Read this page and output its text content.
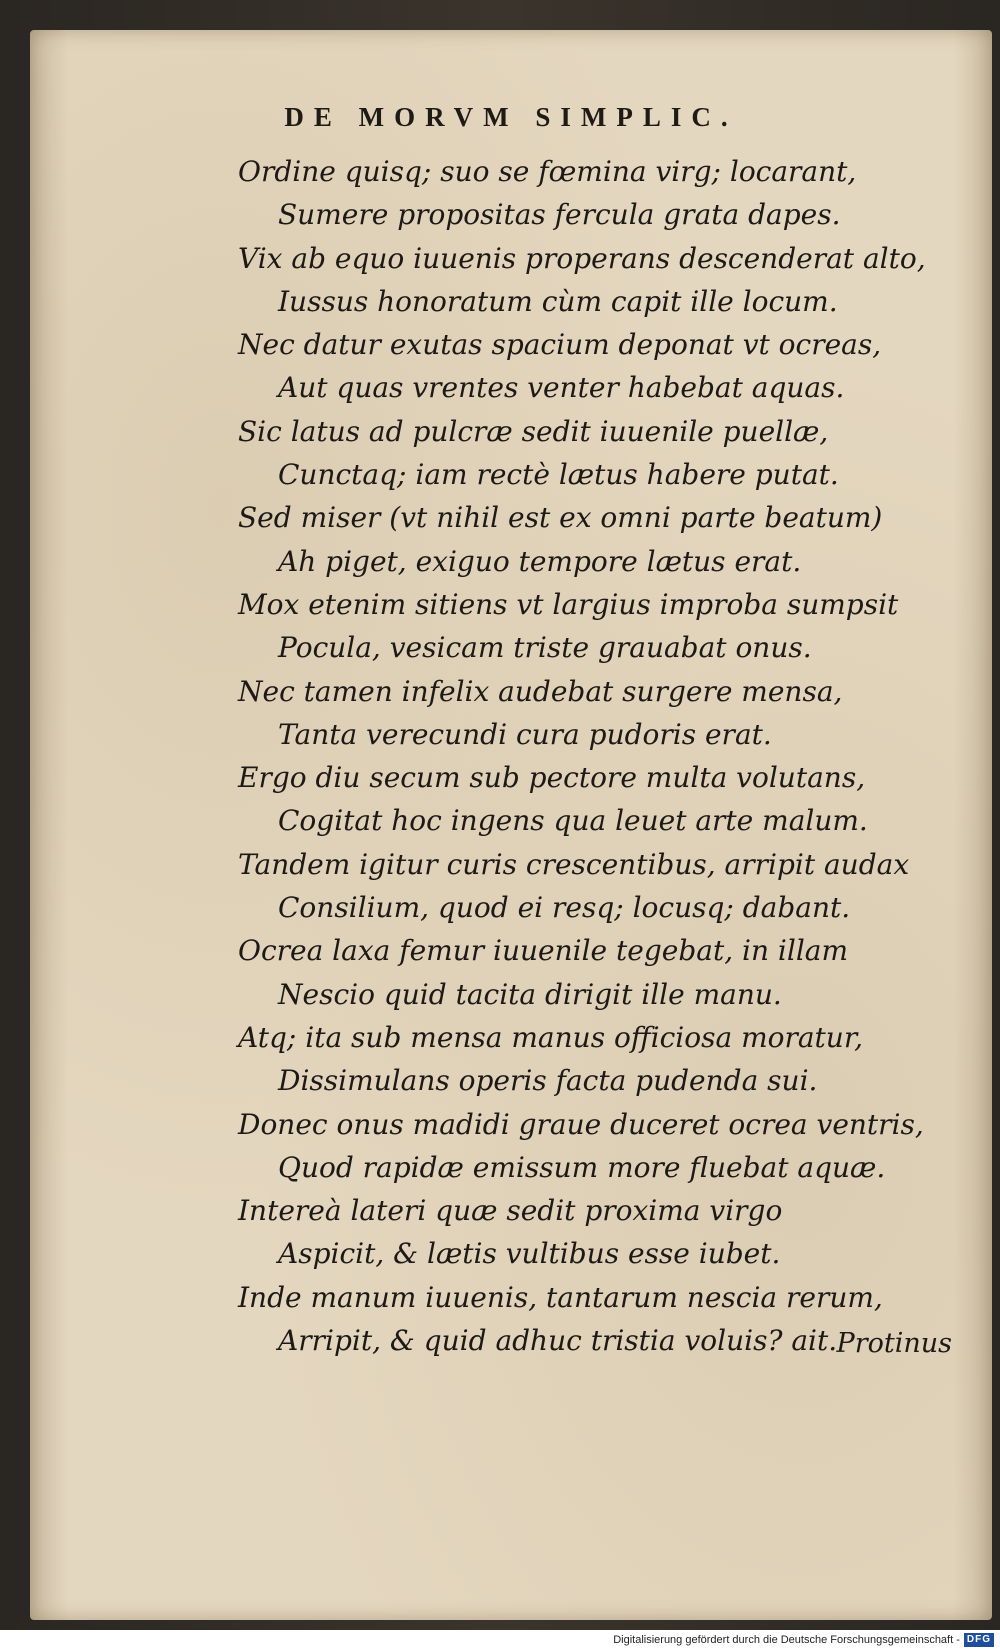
DE MORVM SIMPLIC.
Ordine quisq; suo se fœmina virg; locarant,
Sumere propositas fercula grata dapes.
Vix ab equo iuuenis properans descenderat alto,
Iussus honoratum cùm capit ille locum.
Nec datur exutas spacium deponat vt ocreas,
Aut quas vrentes venter habebat aquas.
Sic latus ad pulcræ sedit iuuenile puellæ,
Cunctaq; iam rectè lætus habere putat.
Sed miser (vt nihil est ex omni parte beatum)
Ah piget, exiguo tempore lætus erat.
Mox etenim sitiens vt largius improba sumpsit
Pocula, vesicam triste grauabat onus.
Nec tamen infelix audebat surgere mensa,
Tanta verecundi cura pudoris erat.
Ergo diu secum sub pectore multa volutans,
Cogitat hoc ingens qua leuet arte malum.
Tandem igitur curis crescentibus, arripit audax
Consilium, quod ei resq; locusq; dabant.
Ocrea laxa femur iuuenile tegebat, in illam
Nescio quid tacita dirigit ille manu.
Atq; ita sub mensa manus officiosa moratur,
Dissimulans operis facta pudenda sui.
Donec onus madidi graue duceret ocrea ventris,
Quod rapidæ emissum more fluebat aquæ.
Intereà lateri quæ sedit proxima virgo
Aspicit, & lætis vultibus esse iubet.
Inde manum iuuenis, tantarum nescia rerum,
Arripit, & quid adhuc tristia voluis? ait. Protinus
Digitalisierung gefördert durch die Deutsche Forschungsgemeinschaft - DFG
